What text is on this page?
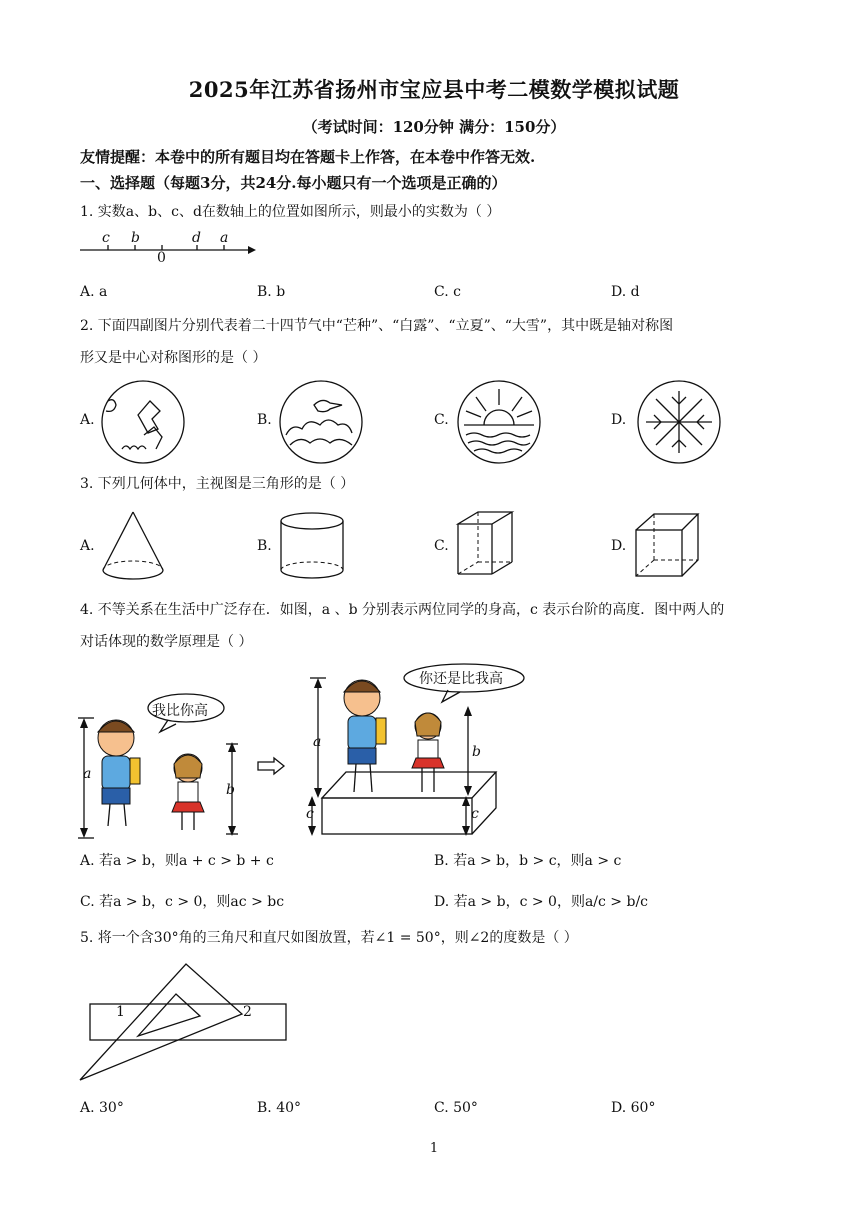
2025年江苏省扬州市宝应县中考二模数学模拟试题
（考试时间：120分钟 满分：150分）
友情提醒：本卷中的所有题目均在答题卡上作答，在本卷中作答无效.
一、选择题（每题3分，共24分.每小题只有一个选项是正确的）
1. 实数a、b、c、d在数轴上的位置如图所示，则最小的实数为（ ）
c b	d a
0
A. a	B. b	C. c	D. d
2. 下面四副图片分别代表着二十四节气中“芒种”、“白露”、“立夏”、“大雪”，其中既是轴对称图
形又是中心对称图形的是（ ）
A.	B.	C.	D.
3. 下列几何体中，主视图是三角形的是（ ）
A.	B.	C.	D.
4. 不等关系在生活中广泛存在．如图，a 、b 分别表示两位同学的身高，c 表示台阶的高度．图中两人的
对话体现的数学原理是（ ）
我比你高
a
b
你还是比我高
a
b
c	c
A. 若a > b，则a + c > b + c	B. 若a > b，b > c，则a > c
C. 若a > b，c > 0，则ac > bc	D. 若a > b，c > 0，则a/c > b/c
5. 将一个含30°角的三角尺和直尺如图放置，若∠1 = 50°，则∠2的度数是（ ）
1	2
A. 30°	B. 40°	C. 50°	D. 60°
1
